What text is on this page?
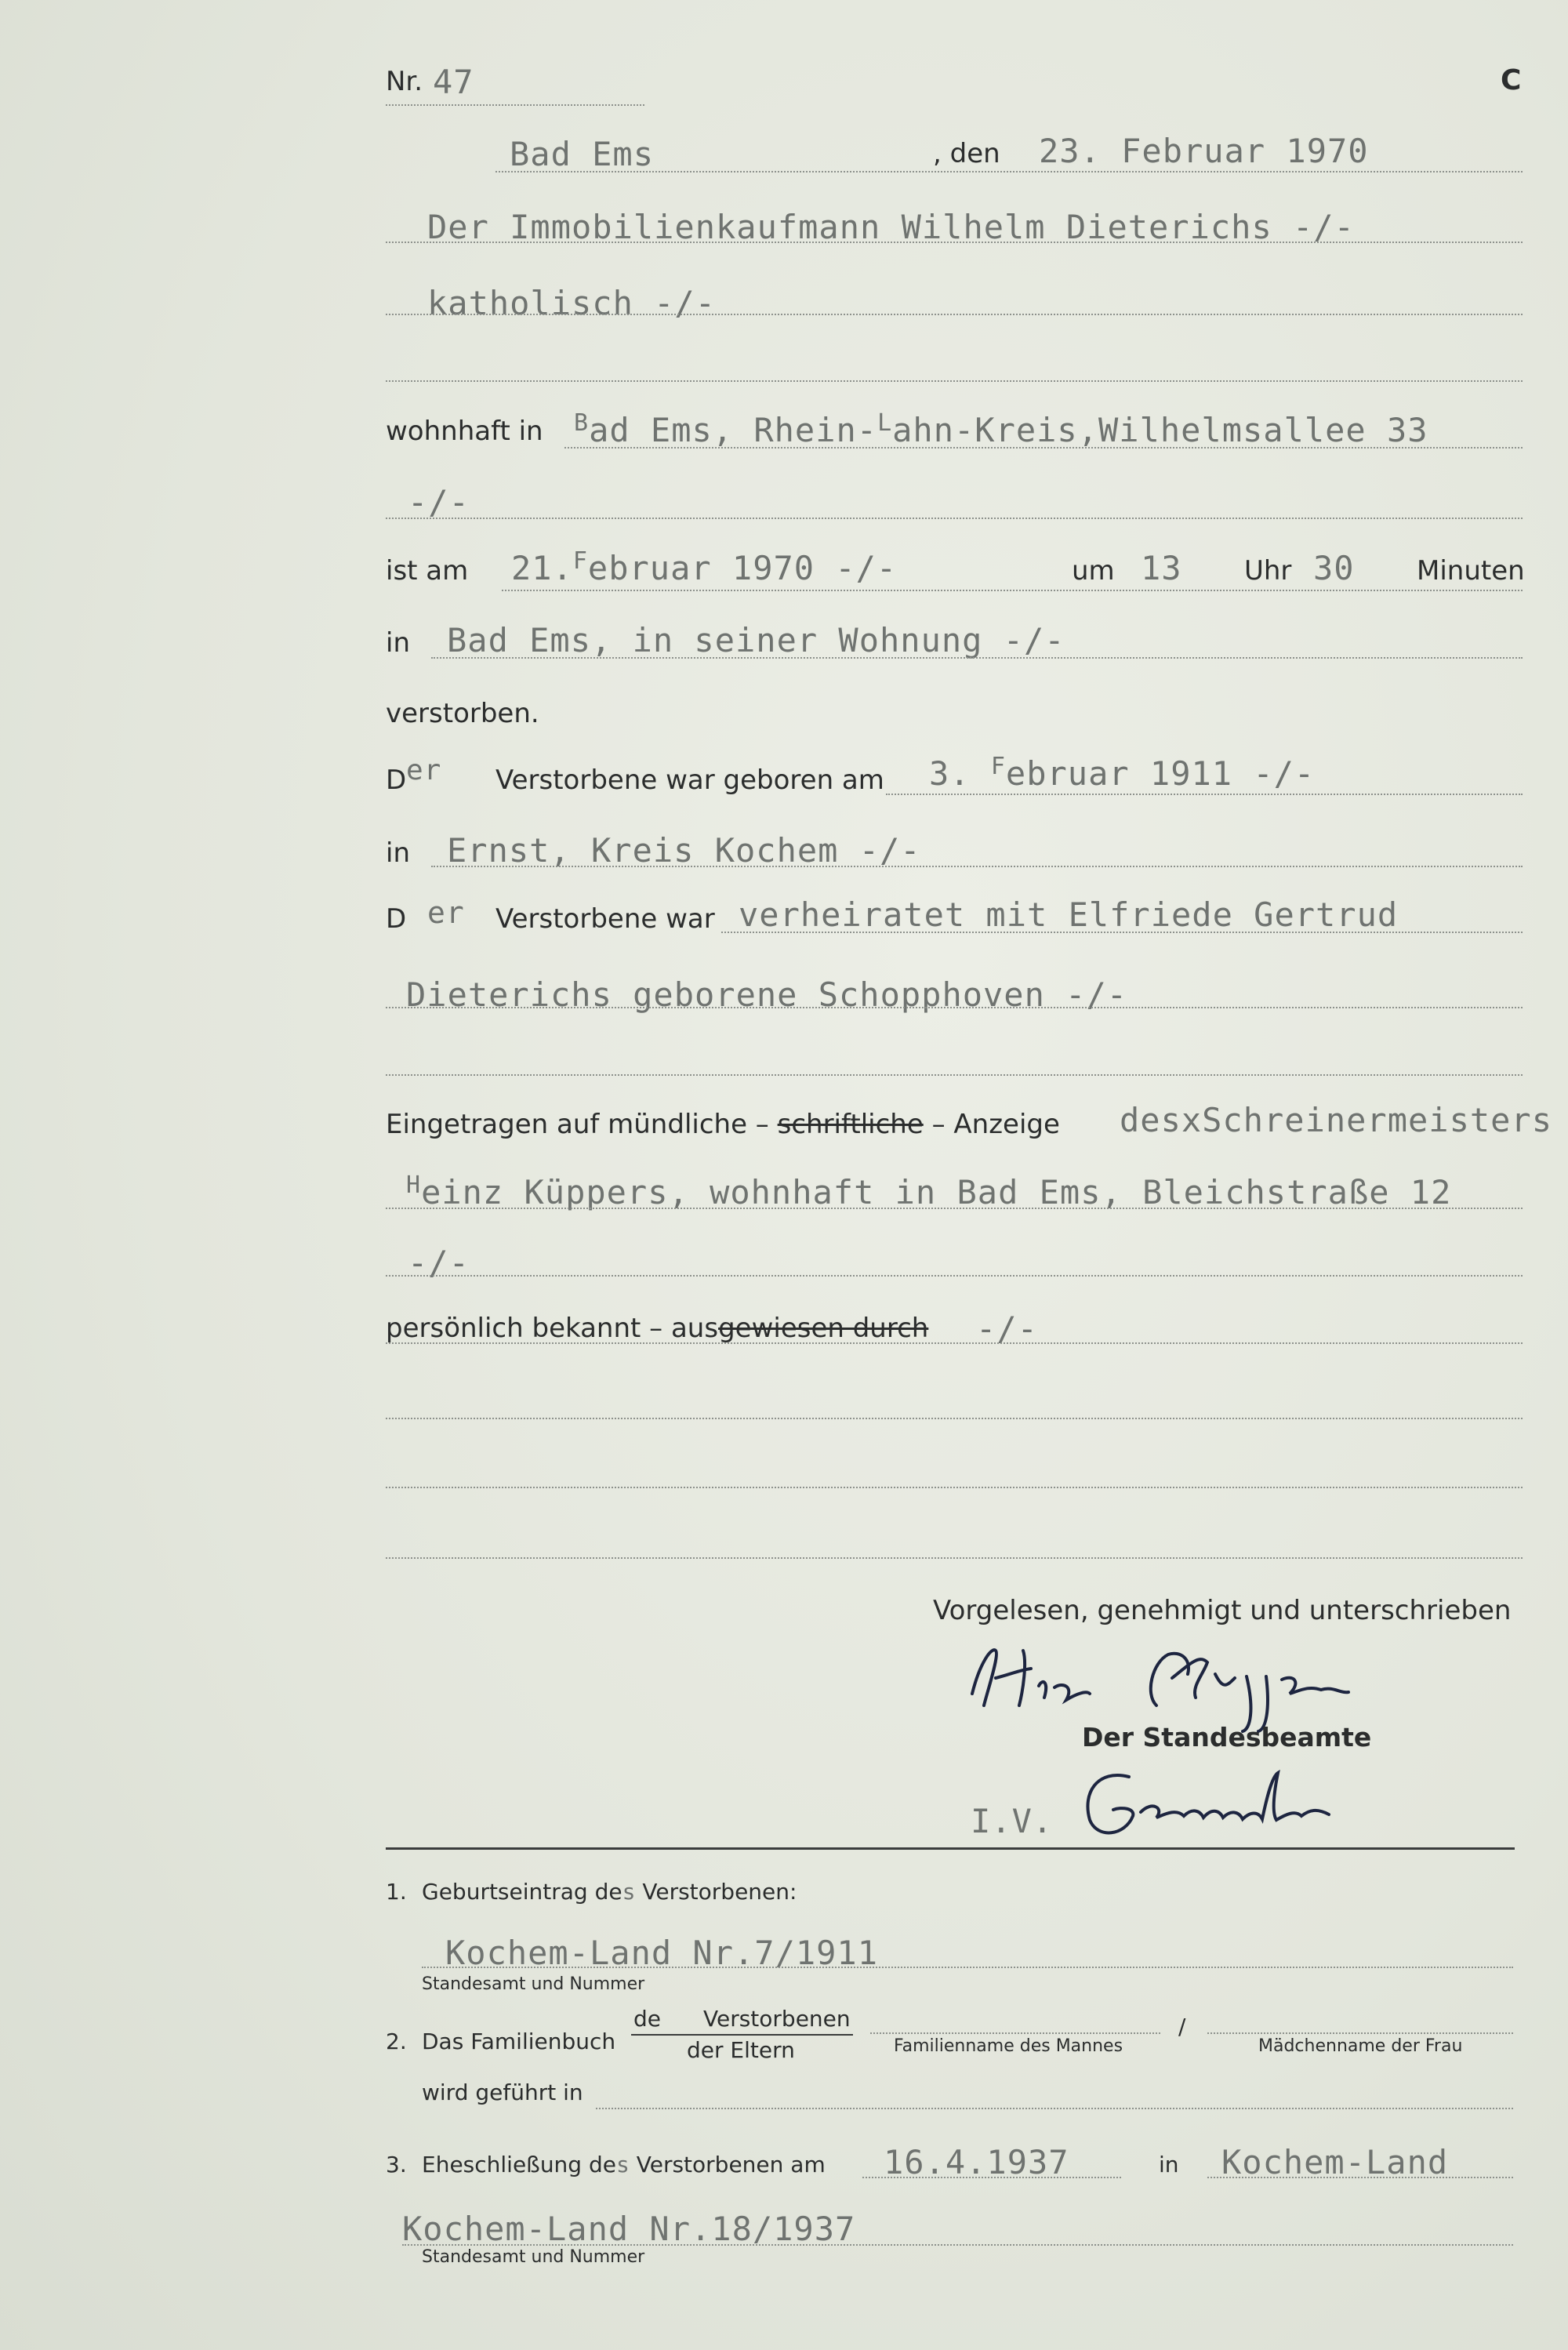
Nr. 47	C
Bad Ems	, den 23. Februar 1970
Der Immobilienkaufmann Wilhelm Dieterichs -/-
katholisch -/-
wohnhaft in $^B$ad Ems, Rhein-$^L$ahn-Kreis,Wilhelmsallee 33
-/-
ist am 21.$^F$ebruar 1970 -/-	um 13 Uhr 30 Minuten
in Bad Ems, in seiner Wohnung -/-
verstorben.
D er Verstorbene war geboren am 3. $^F$ebruar 1911 -/-
in Ernst, Kreis Kochem -/-
D er Verstorbene war verheiratet mit Elfriede Gertrud
Dieterichs geborene Schopphoven -/-
Eingetragen auf mündliche – schriftliche – Anzeige desxSchreinermeisters
$^H$einz Küppers, wohnhaft in Bad Ems, Bleichstraße 12
-/-
persönlich bekannt – ausgewiesen durch -/-
Vorgelesen, genehmigt und unterschrieben
Der Standesbeamte
I.V.
1. Geburtseintrag des Verstorbenen:
Kochem-Land Nr.7/1911
Standesamt und Nummer
2. Das Familienbuch
de Verstorbenen
der Eltern	Familienname des Mannes
/
Mädchenname der Frau
wird geführt in
3. Eheschließung des Verstorbenen am 16.4.1937	in Kochem-Land
Kochem-Land Nr.18/1937
Standesamt und Nummer
